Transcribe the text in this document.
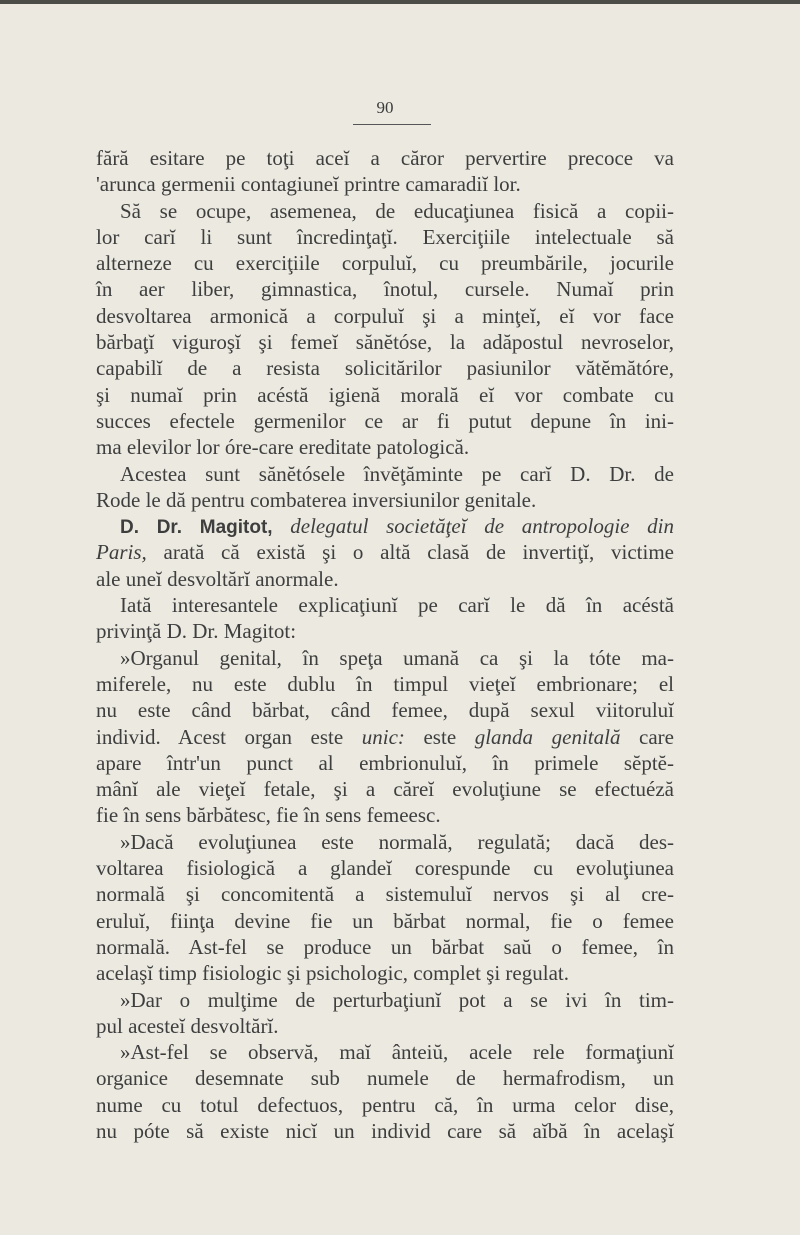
90
fără esitare pe toţi aceĭ a căror pervertire precoce va
'arunca germenii contagiuneĭ printre camaradiĭ lor.
Să se ocupe, asemenea, de educaţiunea fisică a copii-
lor carĭ li sunt încredinţaţĭ. Exerciţiile intelectuale să
alterneze cu exerciţiile corpuluĭ, cu preumbările, jocurile
în aer liber, gimnastica, înotul, cursele. Numaĭ prin
desvoltarea armonică a corpuluĭ şi a minţeĭ, eĭ vor face
bărbaţĭ viguroşĭ şi femeĭ sănĕtóse, la adăpostul nevroselor,
capabilĭ de a resista solicitărilor pasiunilor vătĕmătóre,
şi numaĭ prin acéstă igienă morală eĭ vor combate cu
succes efectele germenilor ce ar fi putut depune în ini-
ma elevilor lor óre-care ereditate patologică.
Acestea sunt sănĕtósele învĕţăminte pe carĭ D. Dr. de
Rode le dă pentru combaterea inversiunilor genitale.
D. Dr. Magitot, delegatul societăţeĭ de antropologie din
Paris, arată că există şi o altă clasă de invertiţĭ, victime
ale uneĭ desvoltărĭ anormale.
Iată interesantele explicaţiunĭ pe carĭ le dă în acéstă
privinţă D. Dr. Magitot:
»Organul genital, în speţa umană ca şi la tóte ma-
miferele, nu este dublu în timpul vieţeĭ embrionare; el
nu este când bărbat, când femee, după sexul viitoruluĭ
individ. Acest organ este unic: este glanda genitală care
apare într'un punct al embrionuluĭ, în primele sĕptĕ-
mânĭ ale vieţeĭ fetale, şi a căreĭ evoluţiune se efectuéză
fie în sens bărbătesc, fie în sens femeesc.
»Dacă evoluţiunea este normală, regulată; dacă des-
voltarea fisiologică a glandeĭ corespunde cu evoluţiunea
normală şi concomitentă a sistemuluĭ nervos şi al cre-
eruluĭ, fiinţa devine fie un bărbat normal, fie o femee
normală. Ast-fel se produce un bărbat saŭ o femee, în
acelaşĭ timp fisiologic şi psichologic, complet şi regulat.
»Dar o mulţime de perturbaţiunĭ pot a se ivi în tim-
pul acesteĭ desvoltărĭ.
»Ast-fel se observă, maĭ ânteiŭ, acele rele formaţiunĭ
organice desemnate sub numele de hermafrodism, un
nume cu totul defectuos, pentru că, în urma celor dise,
nu póte să existe nicĭ un individ care să aĭbă în acelaşĭ
